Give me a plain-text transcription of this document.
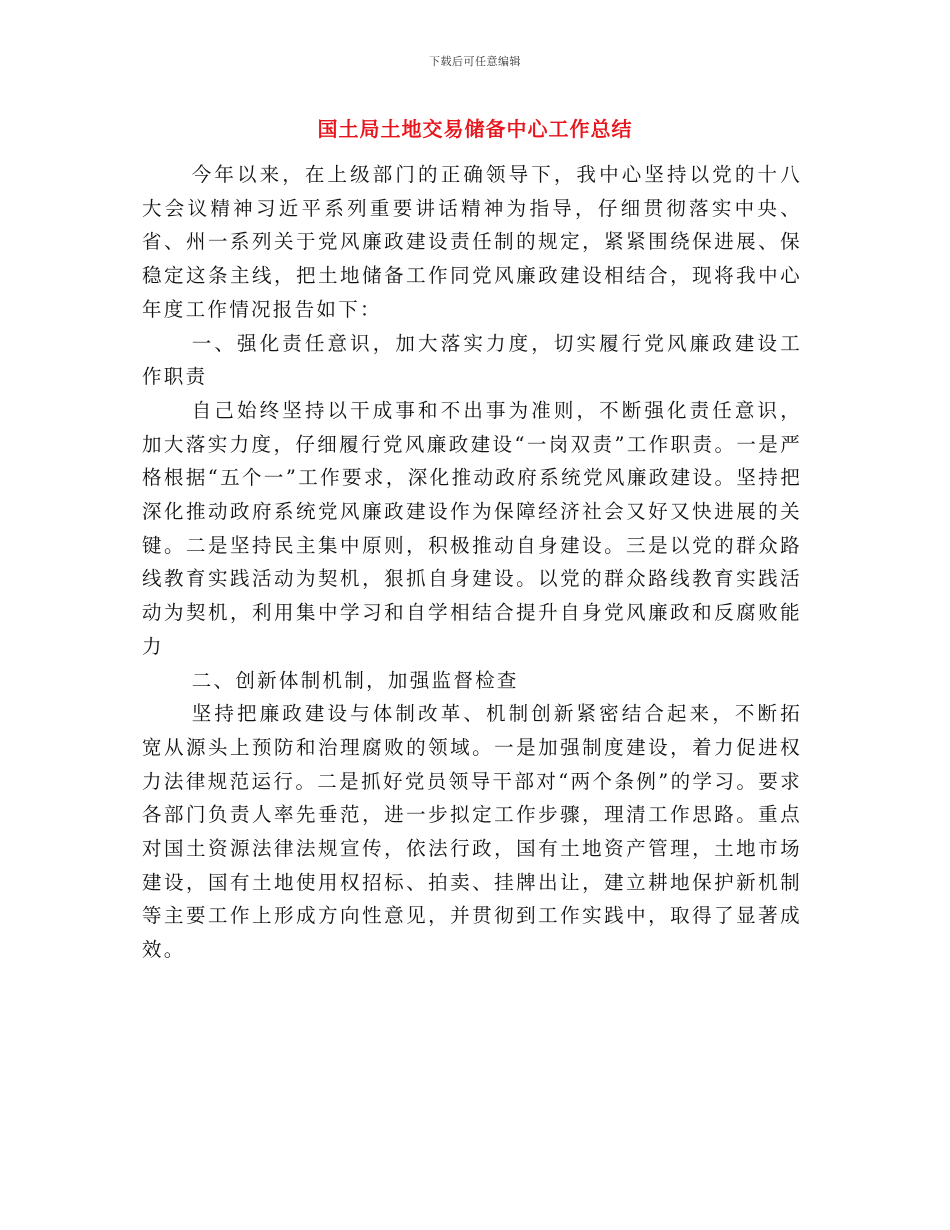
下载后可任意编辑
国土局土地交易储备中心工作总结

今年以来，在上级部门的正确领导下，我中心坚持以党的十八大会议精神习近平系列重要讲话精神为指导，仔细贯彻落实中央、省、州一系列关于党风廉政建设责任制的规定，紧紧围绕保进展、保稳定这条主线，把土地储备工作同党风廉政建设相结合，现将我中心年度工作情况报告如下：

一、强化责任意识，加大落实力度，切实履行党风廉政建设工作职责

自己始终坚持以干成事和不出事为准则，不断强化责任意识，加大落实力度，仔细履行党风廉政建设“一岗双责”工作职责。一是严格根据“五个一”工作要求，深化推动政府系统党风廉政建设。坚持把深化推动政府系统党风廉政建设作为保障经济社会又好又快进展的关键。二是坚持民主集中原则，积极推动自身建设。三是以党的群众路线教育实践活动为契机，狠抓自身建设。以党的群众路线教育实践活动为契机，利用集中学习和自学相结合提升自身党风廉政和反腐败能力

二、创新体制机制，加强监督检查

坚持把廉政建设与体制改革、机制创新紧密结合起来，不断拓宽从源头上预防和治理腐败的领域。一是加强制度建设，着力促进权力法律规范运行。二是抓好党员领导干部对“两个条例”的学习。要求各部门负责人率先垂范，进一步拟定工作步骤，理清工作思路。重点对国土资源法律法规宣传，依法行政，国有土地资产管理，土地市场建设，国有土地使用权招标、拍卖、挂牌出让，建立耕地保护新机制等主要工作上形成方向性意见，并贯彻到工作实践中，取得了显著成效。
